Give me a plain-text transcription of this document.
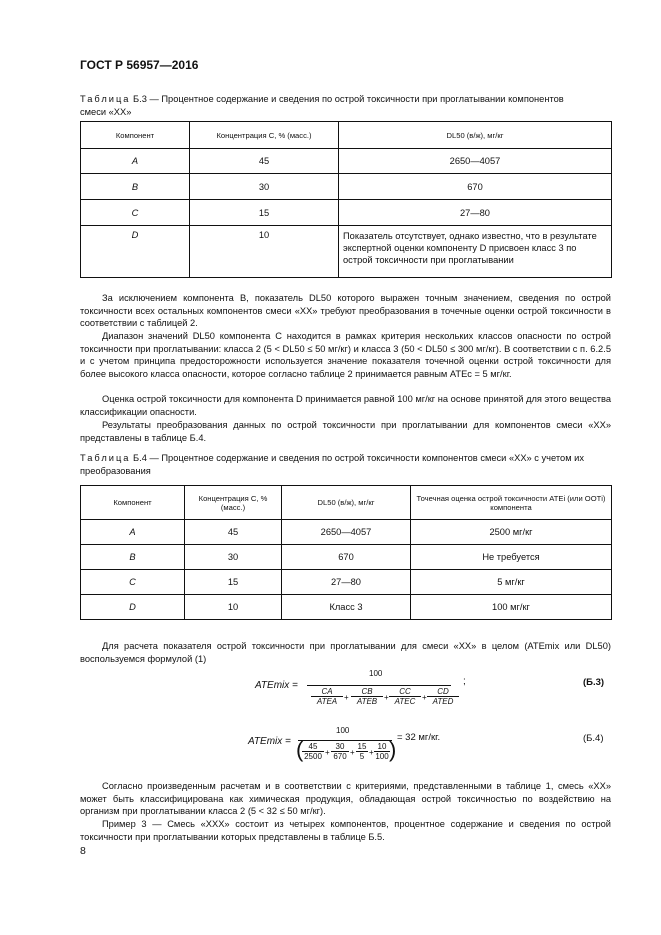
ГОСТ Р 56957—2016
Таблица Б.3 — Процентное содержание и сведения по острой токсичности при проглатывании компонентов смеси «XX»
Компонент	Концентрация C, % (масс.)	DL50 (в/ж), мг/кг
A	45	2650—4057
B	30	670
C	15	27—80
D	10	Показатель отсутствует, однако известно, что в результате экспертной оценки компоненту D присвоен класс 3 по острой токсичности при проглатывании
За исключением компонента B, показатель DL50 которого выражен точным значением, сведения по острой токсичности всех остальных компонентов смеси «XX» требуют преобразования в точечные оценки острой токсичности в соответствии с таблицей 2.
Диапазон значений DL50 компонента C находится в рамках критерия нескольких классов опасности по острой токсичности при проглатывании: класса 2 (5 < DL50 ≤ 50 мг/кг) и класса 3 (50 < DL50 ≤ 300 мг/кг). В соответствии с п. 6.2.5 и с учетом принципа предосторожности используется значение показателя точечной оценки острой токсичности для более высокого класса опасности, которое согласно таблице 2 принимается равным ATEc = 5 мг/кг.
Оценка острой токсичности для компонента D принимается равной 100 мг/кг на основе принятой для этого вещества классификации опасности.
Результаты преобразования данных по острой токсичности при проглатывании для компонентов смеси «XX» представлены в таблице Б.4.
Таблица Б.4 — Процентное содержание и сведения по острой токсичности компонентов смеси «XX» с учетом их преобразования
Компонент	Концентрация C, % (масс.)	DL50 (в/ж), мг/кг	Точечная оценка острой токсичности ATEi (или ООТi) компонента
A	45	2650—4057	2500 мг/кг
B	30	670	Не требуется
C	15	27—80	5 мг/кг
D	10	Класс 3	100 мг/кг
Для расчета показателя острой токсичности при проглатывании для смеси «XX» в целом (ATEmix или DL50) воспользуемся формулой (1)
ATEmix =
100
CA
ATEA +
CB
ATEB +
CC
ATEC +
CD
ATED
;	(Б.3)
ATEmix =
100
(
$\frac{45}{2500} + \frac{30}{670} + \frac{15}{5} + \frac{10}{100}$ ) = 32 мг/кг.	(Б.4)
Согласно произведенным расчетам и в соответствии с критериями, представленными в таблице 1, смесь «XX» может быть классифицирована как химическая продукция, обладающая острой токсичностью по воздействию на организм при проглатывании класса 2 (5 < 32 ≤ 50 мг/кг).
Пример 3 — Смесь «XXX» состоит из четырех компонентов, процентное содержание и сведения по острой токсичности при проглатывании которых представлены в таблице Б.5.
8
